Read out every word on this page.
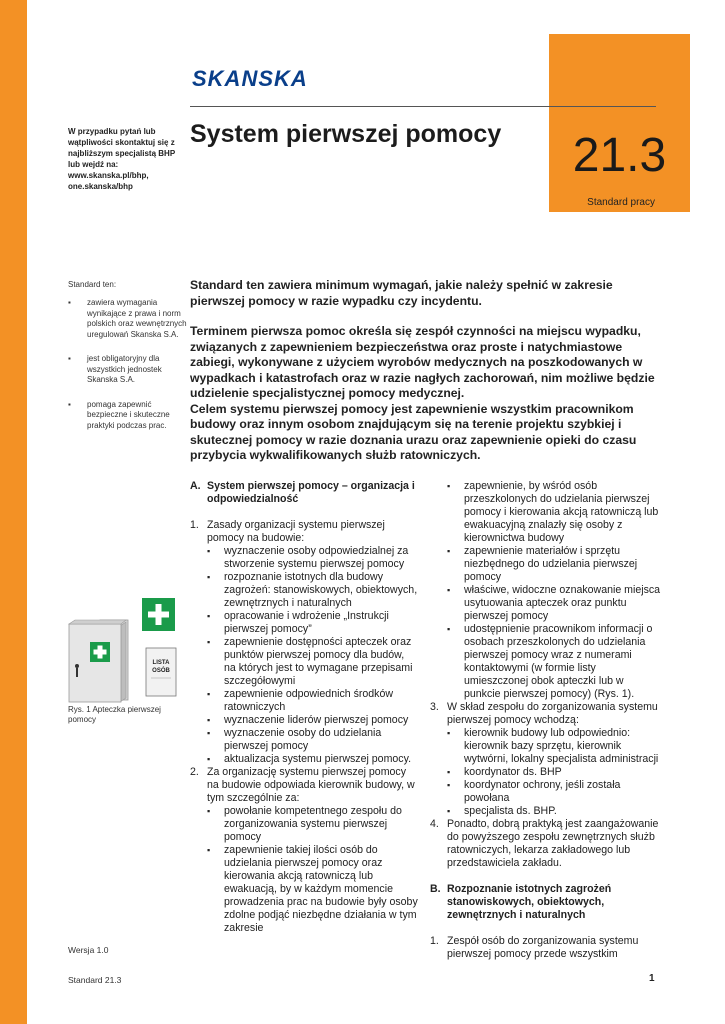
SKANSKA
W przypadku pytań lub wątpliwości skontaktuj się z najbliższym specjalistą BHP lub wejdź na: www.skanska.pl/bhp, one.skanska/bhp
System pierwszej pomocy	21.3
Standard pracy
Standard ten:
▪ zawiera wymagania wynikające z prawa i norm polskich oraz wewnętrznych uregulowań Skanska S.A.
▪ jest obligatoryjny dla wszystkich jednostek Skanska S.A.
▪ pomaga zapewnić bezpieczne i skuteczne praktyki podczas prac.

Standard ten zawiera minimum wymagań, jakie należy spełnić w zakresie pierwszej pomocy w razie wypadku czy incydentu.

Terminem pierwsza pomoc określa się zespół czynności na miejscu wypadku, związanych z zapewnieniem bezpieczeństwa oraz proste i natychmiastowe zabiegi, wykonywane z użyciem wyrobów medycznych na poszkodowanych w wypadkach i katastrofach oraz w razie nagłych zachorowań, nim możliwe będzie udzielenie specjalistycznej pomocy medycznej.

Celem systemu pierwszej pomocy jest zapewnienie wszystkim pracownikom budowy oraz innym osobom znajdującym się na terenie projektu szybkiej i skutecznej pomocy w razie doznania urazu oraz zapewnienie opieki do czasu przybycia wykwalifikowanych służb ratowniczych.

LISTA
OSÓB
Rys. 1 Apteczka pierwszej pomocy
A. System pierwszej pomocy – organizacja i odpowiedzialność
1. Zasady organizacji systemu pierwszej pomocy na budowie:
▪ wyznaczenie osoby odpowiedzialnej za stworzenie systemu pierwszej pomocy
▪ rozpoznanie istotnych dla budowy zagrożeń: stanowiskowych, obiektowych, zewnętrznych i naturalnych
▪ opracowanie i wdrożenie „Instrukcji pierwszej pomocy”
▪ zapewnienie dostępności apteczek oraz punktów pierwszej pomocy dla budów, na których jest to wymagane przepisami szczegółowymi
▪ zapewnienie odpowiednich środków ratowniczych
▪ wyznaczenie liderów pierwszej pomocy
▪ wyznaczenie osoby do udzielania pierwszej pomocy
▪ aktualizacja systemu pierwszej pomocy.
2. Za organizację systemu pierwszej pomocy na budowie odpowiada kierownik budowy, w tym szczególnie za:
▪ powołanie kompetentnego zespołu do zorganizowania systemu pierwszej pomocy
▪ zapewnienie takiej ilości osób do udzielania pierwszej pomocy oraz kierowania akcją ratowniczą lub ewakuacją, by w każdym momencie prowadzenia prac na budowie były osoby zdolne podjąć niezbędne działania w tym zakresie
▪ zapewnienie, by wśród osób przeszkolonych do udzielania pierwszej pomocy i kierowania akcją ratowniczą lub ewakuacyjną znalazły się osoby z kierownictwa budowy
▪ zapewnienie materiałów i sprzętu niezbędnego do udzielania pierwszej pomocy
▪ właściwe, widoczne oznakowanie miejsca usytuowania apteczek oraz punktu pierwszej pomocy
▪ udostępnienie pracownikom informacji o osobach przeszkolonych do udzielania pierwszej pomocy wraz z numerami kontaktowymi (w formie listy umieszczonej obok apteczki lub w punkcie pierwszej pomocy) (Rys. 1).
3. W skład zespołu do zorganizowania systemu pierwszej pomocy wchodzą:
▪ kierownik budowy lub odpowiednio: kierownik bazy sprzętu, kierownik wytwórni, lokalny specjalista administracji
▪ koordynator ds. BHP
▪ koordynator ochrony, jeśli została powołana
▪ specjalista ds. BHP.
4. Ponadto, dobrą praktyką jest zaangażowanie do powyższego zespołu zewnętrznych służb ratowniczych, lekarza zakładowego lub przedstawiciela zakładu.
B. Rozpoznanie istotnych zagrożeń stanowiskowych, obiektowych, zewnętrznych i naturalnych
1. Zespół osób do zorganizowania systemu pierwszej pomocy przede wszystkim
Wersja 1.0
Standard 21.3	1
